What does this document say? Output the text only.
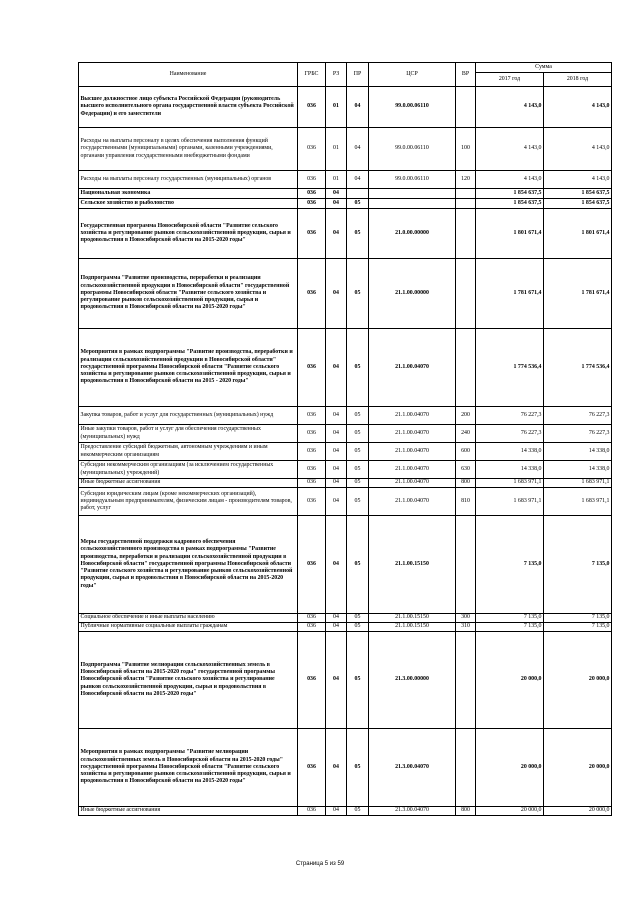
Наименование	ГРБС	РЗ	ПР	ЦСР	ВР	Сумма	
						2017 год	2018 год
Высшее должностное лицо субъекта Российской Федерации (руководитель высшего исполнительного органа государственной власти субъекта Российской Федерации) и его заместители	036	01	04	99.0.00.06110		4 143,0	4 143,0
Расходы на выплаты персоналу в целях обеспечения выполнения функций государственными (муниципальными) органами, казенными учреждениями, органами управления государственными внебюджетными фондами	036	01	04	99.0.00.06110	100	4 143,0	4 143,0
Расходы на выплаты персоналу государственных (муниципальных) органов	036	01	04	99.0.00.06110	120	4 143,0	4 143,0
Национальная экономика	036	04				1 854 637,5	1 854 637,5
Сельское хозяйство и рыболовство	036	04	05			1 854 637,5	1 854 637,5
Государственная программа Новосибирской области "Развитие сельского хозяйства и регулирование рынков сельскохозяйственной продукции, сырья и продовольствия в Новосибирской области на 2015-2020 годы"	036	04	05	21.0.00.00000		1 801 671,4	1 801 671,4
Подпрограмма "Развитие производства, переработки и реализации сельскохозяйственной продукции в Новосибирской области" государственной программы Новосибирской области "Развитие сельского хозяйства и регулирование рынков сельскохозяйственной продукции, сырья и продовольствия в Новосибирской области на 2015-2020 годы"	036	04	05	21.1.00.00000		1 781 671,4	1 781 671,4
Мероприятия в рамках подпрограммы "Развитие производства, переработки и реализации сельскохозяйственной продукции в Новосибирской области" государственной программы Новосибирской области "Развитие сельского хозяйства и регулирование рынков сельскохозяйственной продукции, сырья и продовольствия в Новосибирской области на 2015 - 2020 годы"	036	04	05	21.1.00.04070		1 774 536,4	1 774 536,4
Закупка товаров, работ и услуг для государственных (муниципальных) нужд	036	04	05	21.1.00.04070	200	76 227,3	76 227,3
Иные закупки товаров, работ и услуг для обеспечения государственных (муниципальных) нужд	036	04	05	21.1.00.04070	240	76 227,3	76 227,3
Предоставление субсидий бюджетным, автономным учреждениям и иным некоммерческим организациям	036	04	05	21.1.00.04070	600	14 338,0	14 338,0
Субсидии некоммерческим организациям (за исключением государственных (муниципальных) учреждений)	036	04	05	21.1.00.04070	630	14 338,0	14 338,0
Иные бюджетные ассигнования	036	04	05	21.1.00.04070	800	1 683 971,1	1 683 971,1
Субсидии юридическим лицам (кроме некоммерческих организаций), индивидуальным предпринимателям, физическим лицам - производителям товаров, работ, услуг	036	04	05	21.1.00.04070	810	1 683 971,1	1 683 971,1
Меры государственной поддержки кадрового обеспечения сельскохозяйственного производства в рамках подпрограммы "Развитие производства, переработки и реализации сельскохозяйственной продукции в Новосибирской области" государственной программы Новосибирской области "Развитие сельского хозяйства и регулирование рынков сельскохозяйственной продукции, сырья и продовольствия в Новосибирской области на 2015-2020 годы"	036	04	05	21.1.00.15150		7 135,0	7 135,0
Социальное обеспечение и иные выплаты населению	036	04	05	21.1.00.15150	300	7 135,0	7 135,0
Публичные нормативные социальные выплаты гражданам	036	04	05	21.1.00.15150	310	7 135,0	7 135,0
Подпрограмма "Развитие мелиорации сельскохозяйственных земель в Новосибирской области на 2015-2020 годы" государственной программы Новосибирской области "Развитие сельского хозяйства и регулирование рынков сельскохозяйственной продукции, сырья и продовольствия в Новосибирской области на 2015-2020 годы"	036	04	05	21.3.00.00000		20 000,0	20 000,0
Мероприятия в рамках подпрограммы "Развитие мелиорации сельскохозяйственных земель в Новосибирской области на 2015-2020 годы" государственной программы Новосибирской области "Развитие сельского хозяйства и регулирование рынков сельскохозяйственной продукции, сырья и продовольствия в Новосибирской области на 2015-2020 годы"	036	04	05	21.3.00.04070		20 000,0	20 000,0
Иные бюджетные ассигнования	036	04	05	21.3.00.04070	800	20 000,0	20 000,0
Страница 5 из 59
